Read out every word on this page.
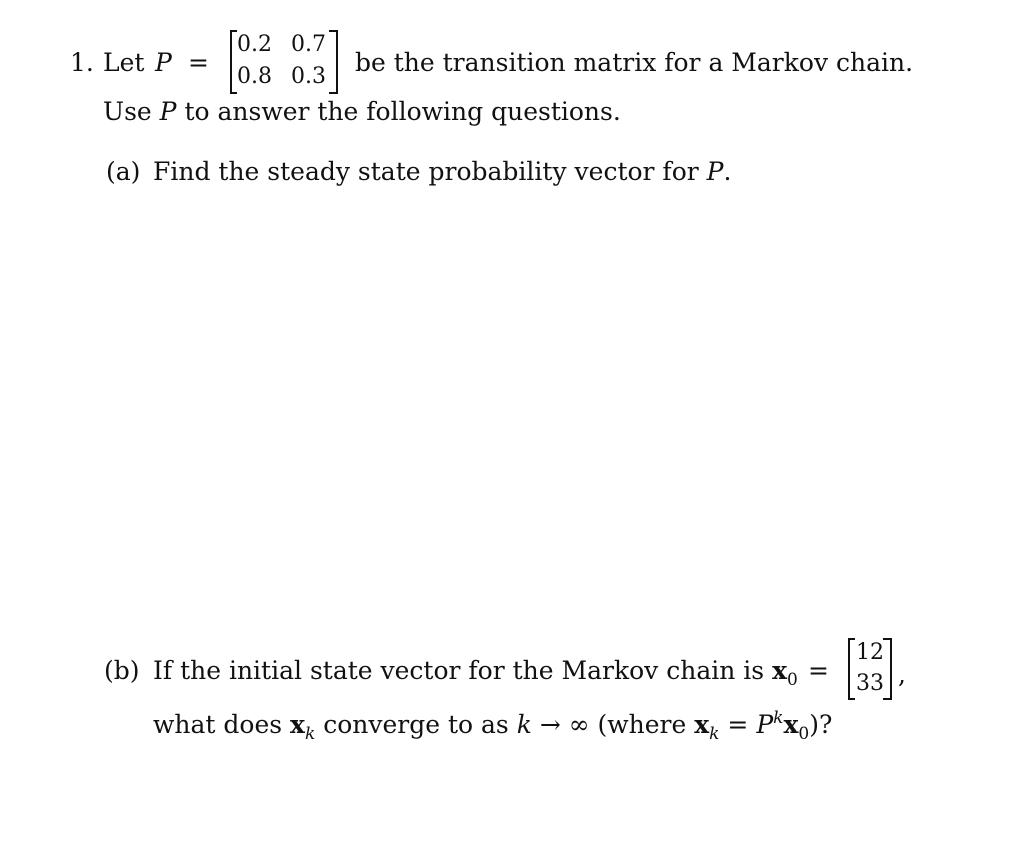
1. Let P =
0.2 0.7
0.8 0.3 be the transition matrix for a Markov chain.
Use P to answer the following questions.
(a) Find the steady state probability vector for P.
(b) If the initial state vector for the Markov chain is $x_0$ =
12
33 ,
what does $x_k$ converge to as k → ∞ (where $x_k = P^kx_0$)?
